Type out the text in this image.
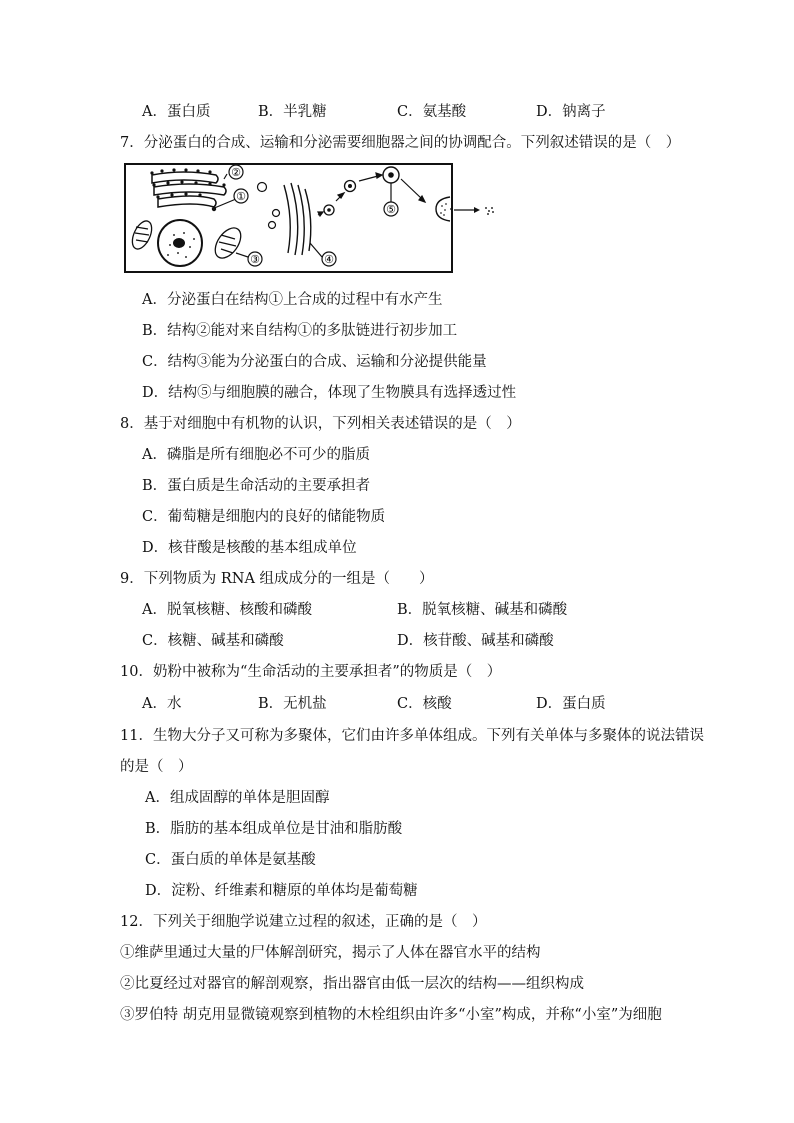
A．蛋白质	B．半乳糖	C．氨基酸	D．钠离子
7．分泌蛋白的合成、运输和分泌需要细胞器之间的协调配合。下列叙述错误的是（　）
①
②
③	④
⑤
A．分泌蛋白在结构①上合成的过程中有水产生
B．结构②能对来自结构①的多肽链进行初步加工
C．结构③能为分泌蛋白的合成、运输和分泌提供能量
D．结构⑤与细胞膜的融合，体现了生物膜具有选择透过性
8．基于对细胞中有机物的认识，下列相关表述错误的是（　）
A．磷脂是所有细胞必不可少的脂质
B．蛋白质是生命活动的主要承担者
C．葡萄糖是细胞内的良好的储能物质
D．核苷酸是核酸的基本组成单位
9．下列物质为 RNA 组成成分的一组是（　　）
A．脱氧核糖、核酸和磷酸	B．脱氧核糖、碱基和磷酸
C．核糖、碱基和磷酸	D．核苷酸、碱基和磷酸
10．奶粉中被称为“生命活动的主要承担者”的物质是（　）
A．水	B．无机盐	C．核酸	D．蛋白质
11．生物大分子又可称为多聚体，它们由许多单体组成。下列有关单体与多聚体的说法错误
的是（　）
A．组成固醇的单体是胆固醇
B．脂肪的基本组成单位是甘油和脂肪酸
C．蛋白质的单体是氨基酸
D．淀粉、纤维素和糖原的单体均是葡萄糖
12．下列关于细胞学说建立过程的叙述，正确的是（　）
①维萨里通过大量的尸体解剖研究，揭示了人体在器官水平的结构
②比夏经过对器官的解剖观察，指出器官由低一层次的结构——组织构成
③罗伯特 胡克用显微镜观察到植物的木栓组织由许多“小室”构成，并称“小室”为细胞
